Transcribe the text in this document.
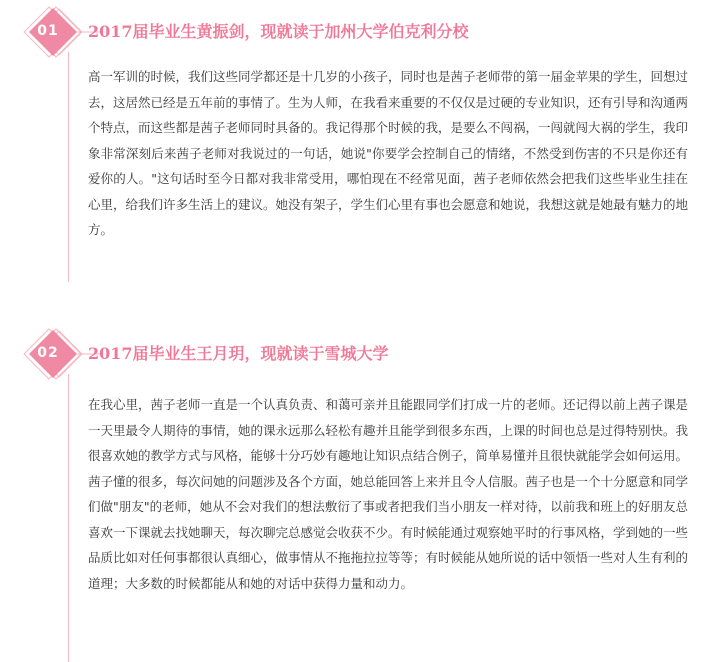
01	2017届毕业生黄振剑，现就读于加州大学伯克利分校

高一军训的时候，我们这些同学都还是十几岁的小孩子，同时也是茜子老师带的第一届金苹果的学生，回想过去，这居然已经是五年前的事情了。生为人师，在我看来重要的不仅仅是过硬的专业知识，还有引导和沟通两个特点，而这些都是茜子老师同时具备的。我记得那个时候的我，是要么不闯祸，一闯就闯大祸的学生，我印象非常深刻后来茜子老师对我说过的一句话，她说"你要学会控制自己的情绪，不然受到伤害的不只是你还有爱你的人。"这句话时至今日都对我非常受用，哪怕现在不经常见面，茜子老师依然会把我们这些毕业生挂在心里，给我们许多生活上的建议。她没有架子，学生们心里有事也会愿意和她说，我想这就是她最有魅力的地方。

02	2017届毕业生王月玥，现就读于雪城大学

在我心里，茜子老师一直是一个认真负责、和蔼可亲并且能跟同学们打成一片的老师。还记得以前上茜子课是一天里最令人期待的事情，她的课永远那么轻松有趣并且能学到很多东西，上课的时间也总是过得特别快。我很喜欢她的教学方式与风格，能够十分巧妙有趣地让知识点结合例子，简单易懂并且很快就能学会如何运用。茜子懂的很多，每次问她的问题涉及各个方面，她总能回答上来并且令人信服。茜子也是一个十分愿意和同学们做"朋友"的老师，她从不会对我们的想法敷衍了事或者把我们当小朋友一样对待，以前我和班上的好朋友总喜欢一下课就去找她聊天，每次聊完总感觉会收获不少。有时候能通过观察她平时的行事风格，学到她的一些品质比如对任何事都很认真细心，做事情从不拖拖拉拉等等；有时候能从她所说的话中领悟一些对人生有利的道理；大多数的时候都能从和她的对话中获得力量和动力。
